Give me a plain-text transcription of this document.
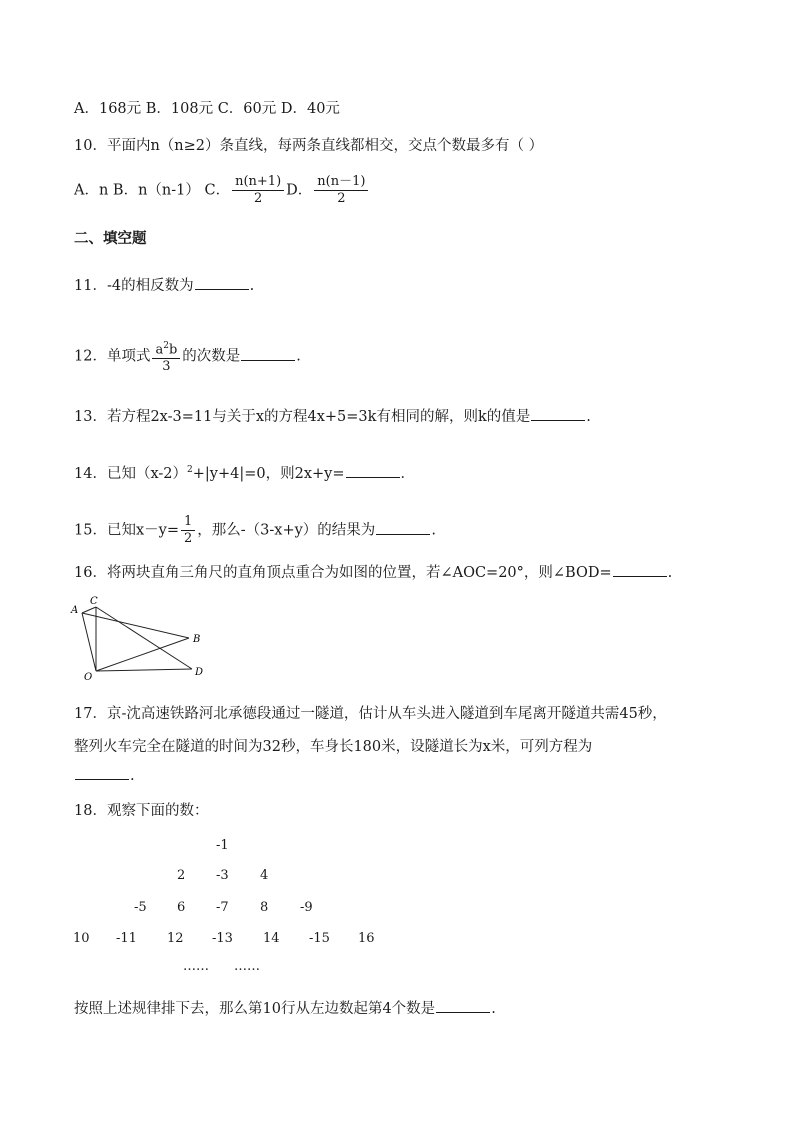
A．168元 B．108元 C．60元 D．40元
10．平面内n（n≥2）条直线，每两条直线都相交，交点个数最多有（ ）
A．n B．n（n-1） C． $\frac{n(n+1)}{2}$ D． $\frac{n(n-1)}{2}$
二、填空题
11．-4的相反数为	.
12．单项式 $\frac{a^2b}{3}$ 的次数是	.
13．若方程2x-3=11与关于x的方程4x+5=3k有相同的解，则k的值是	.
14．已知$(x-2)^2+|y+4|=0$，则2x+y=	．
15．已知$x-y= \frac{1}{2}$ ，那么-（3-x+y）的结果为	.
16．将两块直角三角尺的直角顶点重合为如图的位置，若∠AOC=20°，则∠BOD=	.
A
C
B
O	D
17．京-沈高速铁路河北承德段通过一隧道，估计从车头进入隧道到车尾离开隧道共需45秒，
整列火车完全在隧道的时间为32秒，车身长180米，设隧道长为x米，可列方程为
.
18．观察下面的数：
-1
2 -3 4
-5 6 -7 8 -9
10 -11 12 -13 14 -15 16
…… ……
按照上述规律排下去，那么第10行从左边数起第4个数是	.
